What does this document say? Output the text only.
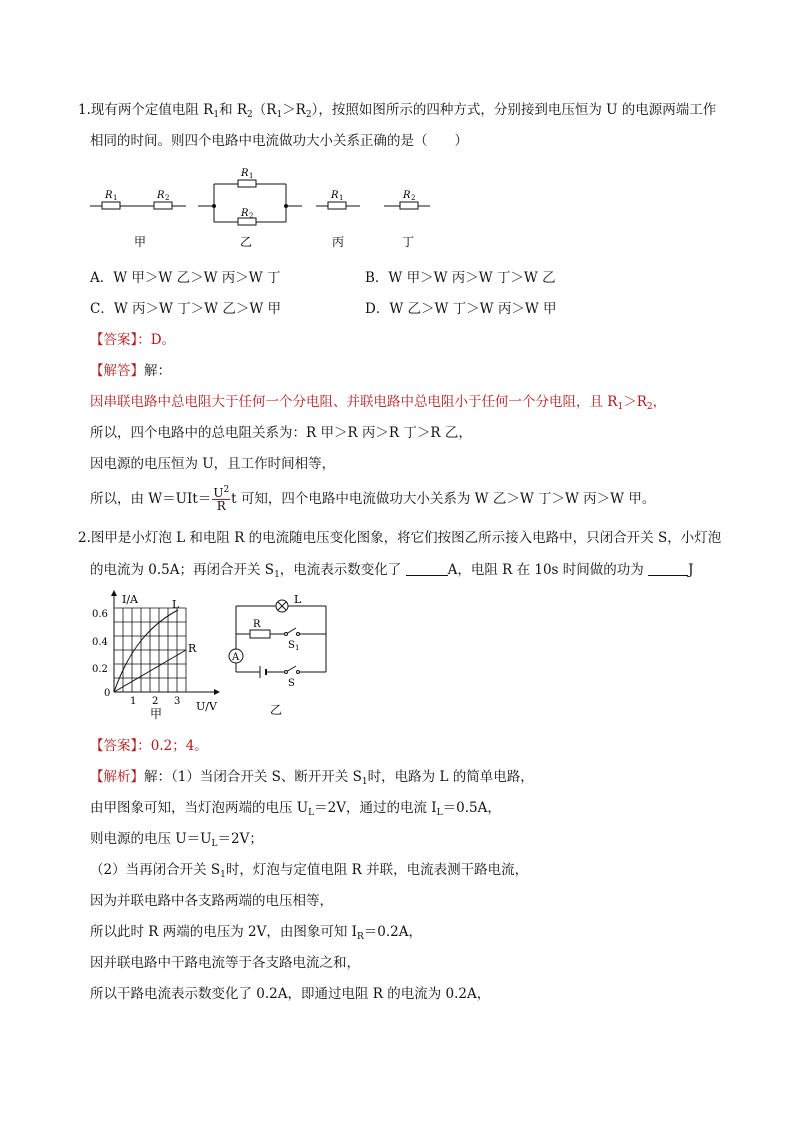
1.现有两个定值电阻 $R_1$和 $R_2(R_1>R_2)$，按照如图所示的四种方式，分别接到电压恒为 U 的电源两端工作
相同的时间。则四个电路中电流做功大小关系正确的是（　　）
R 1	R 2
甲
R 1
R 2
乙
R 1
丙
R 2
丁
A．W 甲＞W 乙＞W 丙＞W 丁	B．W 甲＞W 丙＞W 丁＞W 乙
C．W 丙＞W 丁＞W 乙＞W 甲	D．W 乙＞W 丁＞W 丙＞W 甲
【答案】：D。
【解答】解：
因串联电路中总电阻大于任何一个分电阻、并联电路中总电阻小于任何一个分电阻，且 $R_1>R_2$，
所以，四个电路中的总电阻关系为：R 甲＞R 丙＞R 丁＞R 乙，
因电源的电压恒为 U，且工作时间相等，
所以，由 $W=UIt= \frac{U^2}{R}$ t 可知，四个电路中电流做功大小关系为 W 乙＞W 丁＞W 丙＞W 甲。
2.图甲是小灯泡 L 和电阻 R 的电流随电压变化图象，将它们按图乙所示接入电路中，只闭合开关 S，小灯泡
的电流为 0.5A；再闭合开关 $S_1$，电流表示数变化了	A，电阻 R 在 10s 时间做的功为	J
I/A
U/V
0.6
0.4
0.2
0
1 2 3
L
R
甲
L
R
S 1
A
S
乙
【答案】：0.2；4。
【解析】解：（1）当闭合开关 S、断开开关 $S_1$时，电路为 L 的简单电路，
由甲图象可知，当灯泡两端的电压 $U_L=2V$，通过的电流 $I_L=0.5A$，
则电源的电压 $U=U_L=2V$；
（2）当再闭合开关 $S_1$时，灯泡与定值电阻 R 并联，电流表测干路电流，
因为并联电路中各支路两端的电压相等，
所以此时 R 两端的电压为 2V，由图象可知 $I_R=0.2A$，
因并联电路中干路电流等于各支路电流之和，
所以干路电流表示数变化了 0.2A，即通过电阻 R 的电流为 0.2A，
